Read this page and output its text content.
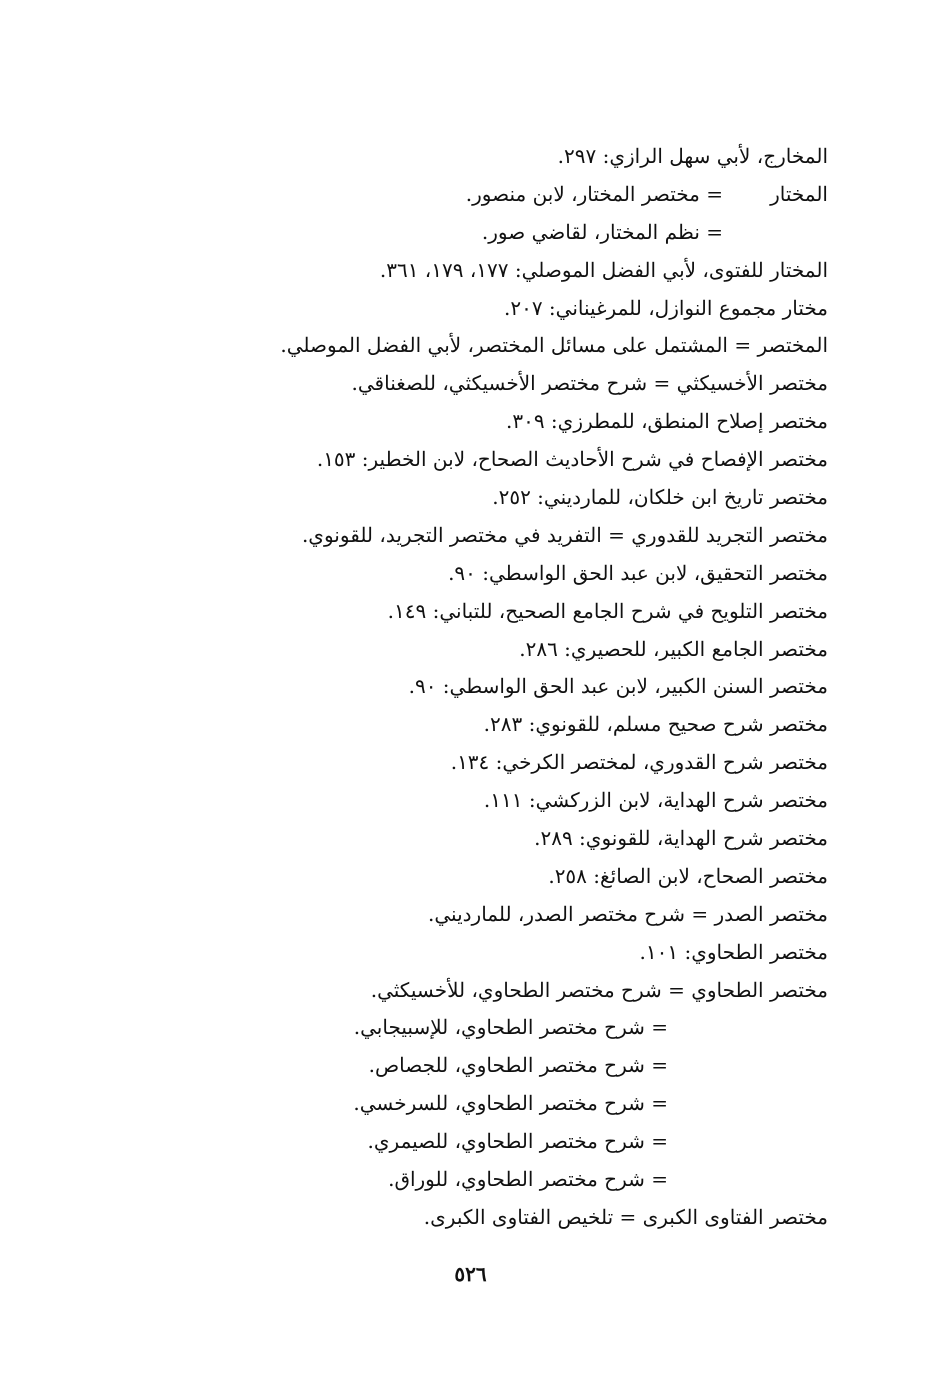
المخارج، لأبي سهل الرازي: ٢٩٧.
المختار
= مختصر المختار، لابن منصور.
= نظم المختار، لقاضي صور.
المختار للفتوى، لأبي الفضل الموصلي: ١٧٧، ١٧٩، ٣٦١.
مختار مجموع النوازل، للمرغيناني: ٢٠٧.
المختصر = المشتمل على مسائل المختصر، لأبي الفضل الموصلي.
مختصر الأخسيكثي = شرح مختصر الأخسيكثي، للصغناقي.
مختصر إصلاح المنطق، للمطرزي: ٣٠٩.
مختصر الإفصاح في شرح الأحاديث الصحاح، لابن الخطير: ١٥٣.
مختصر تاريخ ابن خلكان، للمارديني: ٢٥٢.
مختصر التجريد للقدوري = التفريد في مختصر التجريد، للقونوي.
مختصر التحقيق، لابن عبد الحق الواسطي: ٩٠.
مختصر التلويح في شرح الجامع الصحيح، للتباني: ١٤٩.
مختصر الجامع الكبير، للحصيري: ٢٨٦.
مختصر السنن الكبير، لابن عبد الحق الواسطي: ٩٠.
مختصر شرح صحيح مسلم، للقونوي: ٢٨٣.
مختصر شرح القدوري، لمختصر الكرخي: ١٣٤.
مختصر شرح الهداية، لابن الزركشي: ١١١.
مختصر شرح الهداية، للقونوي: ٢٨٩.
مختصر الصحاح، لابن الصائغ: ٢٥٨.
مختصر الصدر = شرح مختصر الصدر، للمارديني.
مختصر الطحاوي: ١٠١.
مختصر الطحاوي = شرح مختصر الطحاوي، للأخسيكثي.
= شرح مختصر الطحاوي، للإسبيجابي.
= شرح مختصر الطحاوي، للجصاص.
= شرح مختصر الطحاوي، للسرخسي.
= شرح مختصر الطحاوي، للصيمري.
= شرح مختصر الطحاوي، للوراق.
مختصر الفتاوى الكبرى = تلخيص الفتاوى الكبرى.
٥٢٦
